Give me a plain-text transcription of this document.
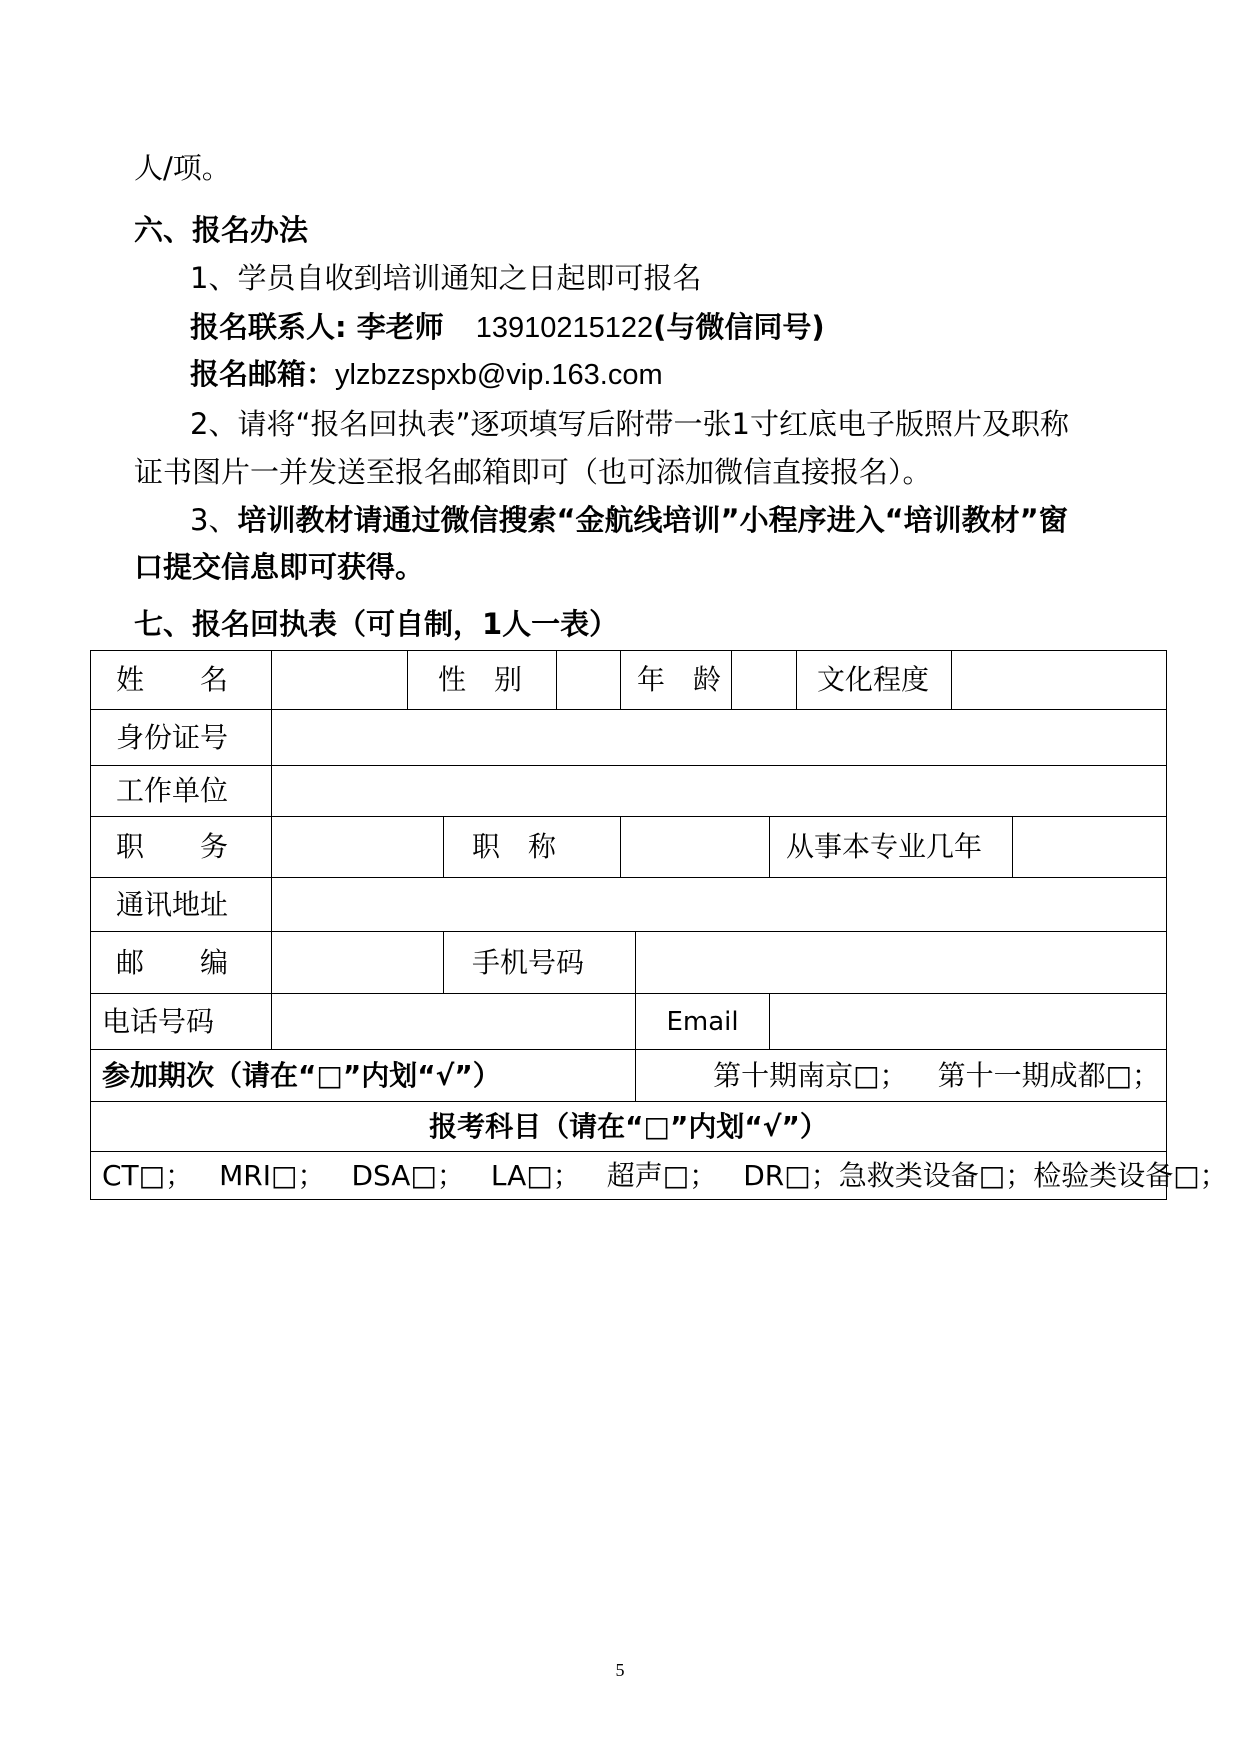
人/项。
六、报名办法
1、学员自收到培训通知之日起即可报名
报名联系人: 李老师 13910215122(与微信同号)
报名邮箱：ylzbzzspxb@vip.163.com
2、请将“报名回执表”逐项填写后附带一张1寸红底电子版照片及职称
证书图片一并发送至报名邮箱即可（也可添加微信直接报名）。
3、培训教材请通过微信搜索“金航线培训”小程序进入“培训教材”窗
口提交信息即可获得。
七、报名回执表（可自制，1人一表）
姓　　名		性　别			年　龄				文化程度		
身份证号											
工作单位											
职　　务			职　称					从事本专业几年			
通讯地址											
邮　　编			手机号码								
电话号码						Email					
参加期次（请在“□”内划“√”）						第十期南京□； 第十一期成都□；					
报考科目（请在“□”内划“√”）											
CT□； MRI□； DSA□； LA□； 超声□； DR□；急救类设备□；检验类设备□；											
5
